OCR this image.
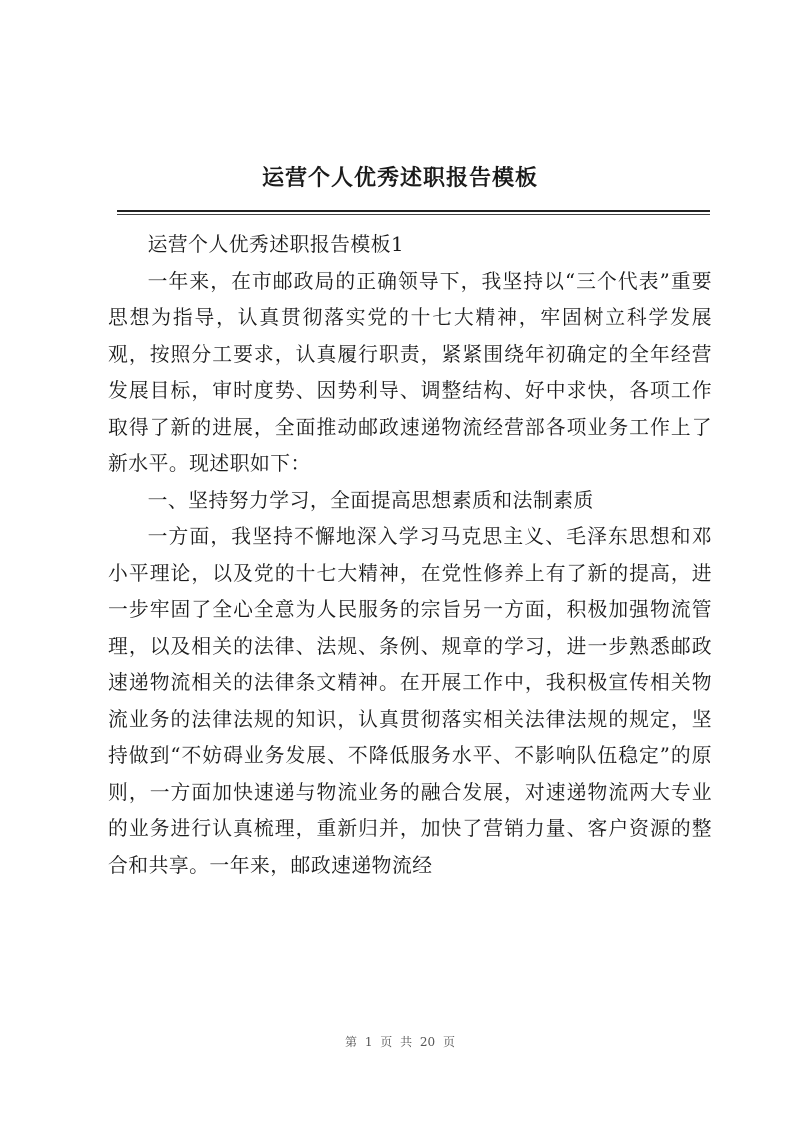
运营个人优秀述职报告模板

运营个人优秀述职报告模板1

一年来，在市邮政局的正确领导下，我坚持以“三个代表”重要思想为指导，认真贯彻落实党的十七大精神，牢固树立科学发展观，按照分工要求，认真履行职责，紧紧围绕年初确定的全年经营发展目标，审时度势、因势利导、调整结构、好中求快，各项工作取得了新的进展，全面推动邮政速递物流经营部各项业务工作上了新水平。现述职如下：

一、坚持努力学习，全面提高思想素质和法制素质

一方面，我坚持不懈地深入学习马克思主义、毛泽东思想和邓小平理论，以及党的十七大精神，在党性修养上有了新的提高，进一步牢固了全心全意为人民服务的宗旨另一方面，积极加强物流管理，以及相关的法律、法规、条例、规章的学习，进一步熟悉邮政速递物流相关的法律条文精神。在开展工作中，我积极宣传相关物流业务的法律法规的知识，认真贯彻落实相关法律法规的规定，坚持做到“不妨碍业务发展、不降低服务水平、不影响队伍稳定”的原则，一方面加快速递与物流业务的融合发展，对速递物流两大专业的业务进行认真梳理，重新归并，加快了营销力量、客户资源的整合和共享。一年来，邮政速递物流经

第 1 页 共 20 页
